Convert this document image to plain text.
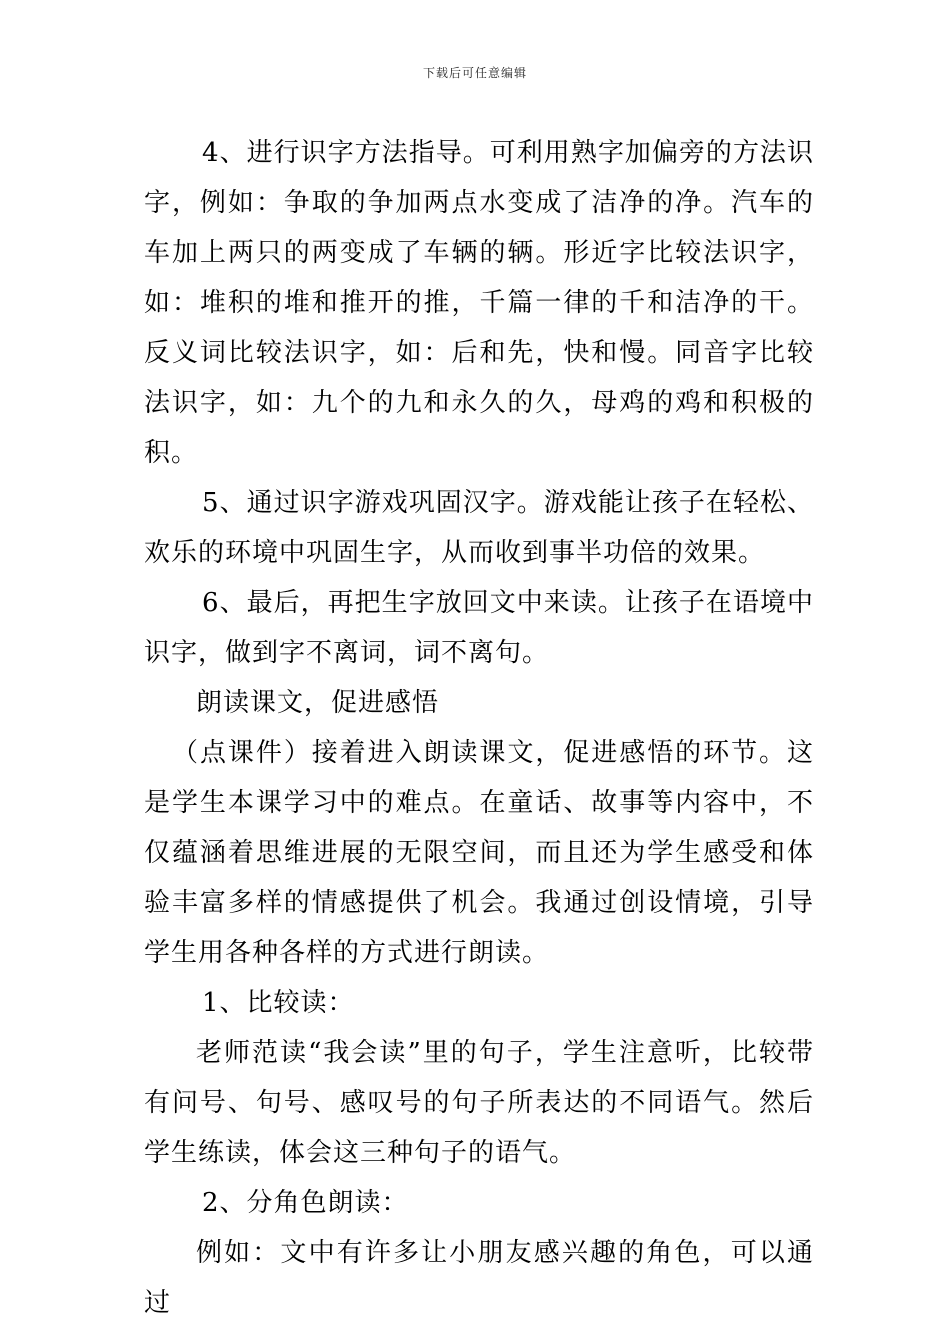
下载后可任意编辑

4、进行识字方法指导。可利用熟字加偏旁的方法识字，例如：争取的争加两点水变成了洁净的净。汽车的车加上两只的两变成了车辆的辆。形近字比较法识字，如：堆积的堆和推开的推，千篇一律的千和洁净的干。反义词比较法识字，如：后和先，快和慢。同音字比较法识字，如：九个的九和永久的久，母鸡的鸡和积极的积。

5、通过识字游戏巩固汉字。游戏能让孩子在轻松、欢乐的环境中巩固生字，从而收到事半功倍的效果。

6、最后，再把生字放回文中来读。让孩子在语境中识字，做到字不离词，词不离句。

朗读课文，促进感悟

（点课件）接着进入朗读课文，促进感悟的环节。这是学生本课学习中的难点。在童话、故事等内容中，不仅蕴涵着思维进展的无限空间，而且还为学生感受和体验丰富多样的情感提供了机会。我通过创设情境，引导学生用各种各样的方式进行朗读。

1、比较读：

老师范读“我会读”里的句子，学生注意听，比较带有问号、句号、感叹号的句子所表达的不同语气。然后学生练读，体会这三种句子的语气。

2、分角色朗读：

例如：文中有许多让小朋友感兴趣的角色，可以通过
